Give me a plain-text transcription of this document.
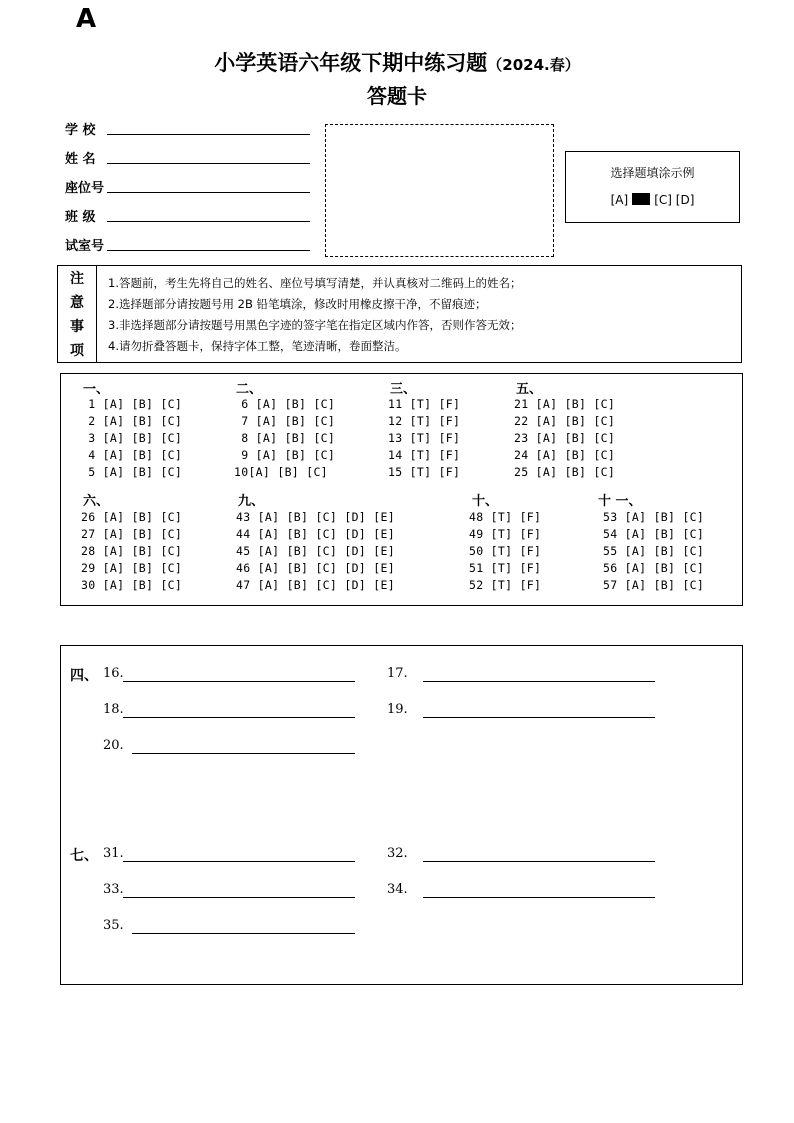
A
小学英语六年级下期中练习题（2024.春）
答题卡
学 校
姓 名
座位号
班 级
试室号
选择题填涂示例
[A] [C] [D]
注
意
事
项
1.答题前，考生先将自己的姓名、座位号填写清楚，并认真核对二维码上的姓名；
2.选择题部分请按题号用 2B 铅笔填涂，修改时用橡皮擦干净，不留痕迹；
3.非选择题部分请按题号用黑色字迹的签字笔在指定区域内作答，否则作答无效；
4.请勿折叠答题卡，保持字体工整，笔迹清晰，卷面整洁。
一、
1 [A] [B] [C]
2 [A] [B] [C]
3 [A] [B] [C]
4 [A] [B] [C]
5 [A] [B] [C]
二、
6 [A] [B] [C]
7 [A] [B] [C]
8 [A] [B] [C]
9 [A] [B] [C]
10[A] [B] [C]
三、
11 [T] [F]
12 [T] [F]
13 [T] [F]
14 [T] [F]
15 [T] [F]
五、
21 [A] [B] [C]
22 [A] [B] [C]
23 [A] [B] [C]
24 [A] [B] [C]
25 [A] [B] [C]
六、
26 [A] [B] [C]
27 [A] [B] [C]
28 [A] [B] [C]
29 [A] [B] [C]
30 [A] [B] [C]
九、
43 [A] [B] [C] [D] [E]
44 [A] [B] [C] [D] [E]
45 [A] [B] [C] [D] [E]
46 [A] [B] [C] [D] [E]
47 [A] [B] [C] [D] [E]
十、
48 [T] [F]
49 [T] [F]
50 [T] [F]
51 [T] [F]
52 [T] [F]
十 一、
53 [A] [B] [C]
54 [A] [B] [C]
55 [A] [B] [C]
56 [A] [B] [C]
57 [A] [B] [C]
四、 16.	17.
18.	19.
20.
七、 31.	32.
33.	34.
35.
